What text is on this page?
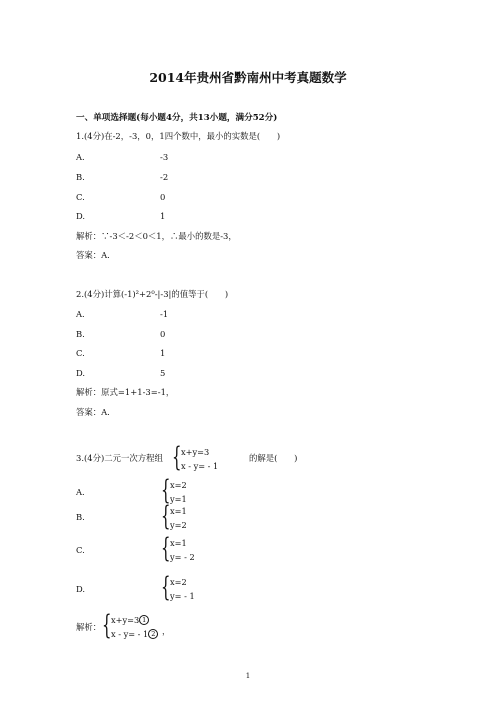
2014年贵州省黔南州中考真题数学
一、单项选择题(每小题4分，共13小题，满分52分)
1.(4分)在-2，-3，0，1四个数中，最小的实数是(　　)
A.	-3
B.	-2
C.	0
D.	1
解析：∵-3＜-2＜0＜1，∴最小的数是-3，
答案：A.
2.(4分)计算(-1)²+2⁰-|-3|的值等于(　　)
A.	-1
B.	0
C.	1
D.	5
解析：原式=1+1-3=-1，
答案：A.
3.(4分)二元一次方程组 { x+y=3
x - y= - 1
的解是(　　)
A.	{ x=2
y=1
B.	{ x=1
y=2
C.	{ x=1
y= - 2
D.	{ x=2
y= - 1
解析： { x+y=3 1
x - y= - 1 2 ，
1
